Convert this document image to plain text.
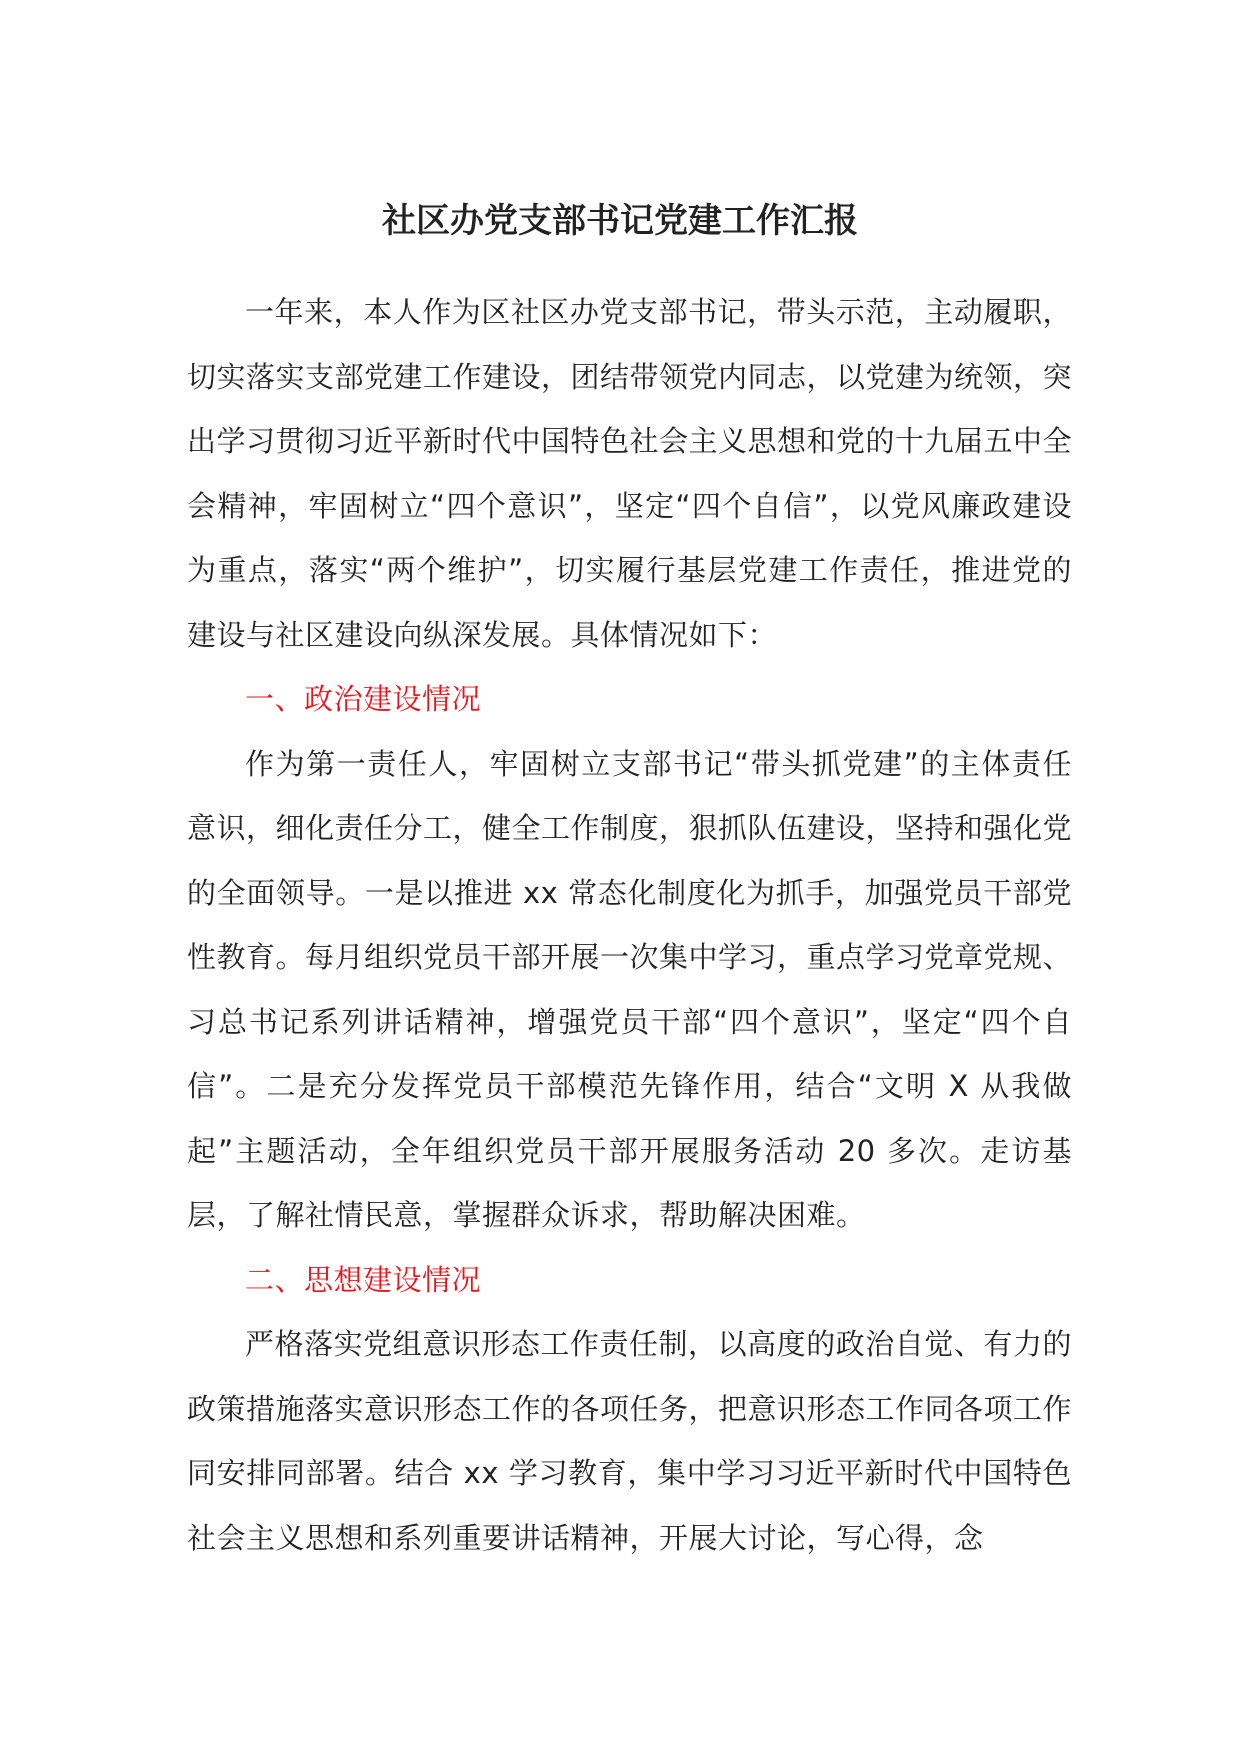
社区办党支部书记党建工作汇报

一年来，本人作为区社区办党支部书记，带头示范，主动履职，切实落实支部党建工作建设，团结带领党内同志，以党建为统领，突出学习贯彻习近平新时代中国特色社会主义思想和党的十九届五中全会精神，牢固树立“四个意识”，坚定“四个自信”，以党风廉政建设为重点，落实“两个维护”，切实履行基层党建工作责任，推进党的建设与社区建设向纵深发展。具体情况如下：

一、政治建设情况

作为第一责任人，牢固树立支部书记“带头抓党建”的主体责任意识，细化责任分工，健全工作制度，狠抓队伍建设，坚持和强化党的全面领导。一是以推进 xx 常态化制度化为抓手，加强党员干部党性教育。每月组织党员干部开展一次集中学习，重点学习党章党规、习总书记系列讲话精神，增强党员干部“四个意识”，坚定“四个自信”。二是充分发挥党员干部模范先锋作用，结合“文明 X 从我做起”主题活动，全年组织党员干部开展服务活动 20 多次。走访基层，了解社情民意，掌握群众诉求，帮助解决困难。

二、思想建设情况

严格落实党组意识形态工作责任制，以高度的政治自觉、有力的政策措施落实意识形态工作的各项任务，把意识形态工作同各项工作同安排同部署。结合 xx 学习教育，集中学习习近平新时代中国特色社会主义思想和系列重要讲话精神，开展大讨论，写心得，念
